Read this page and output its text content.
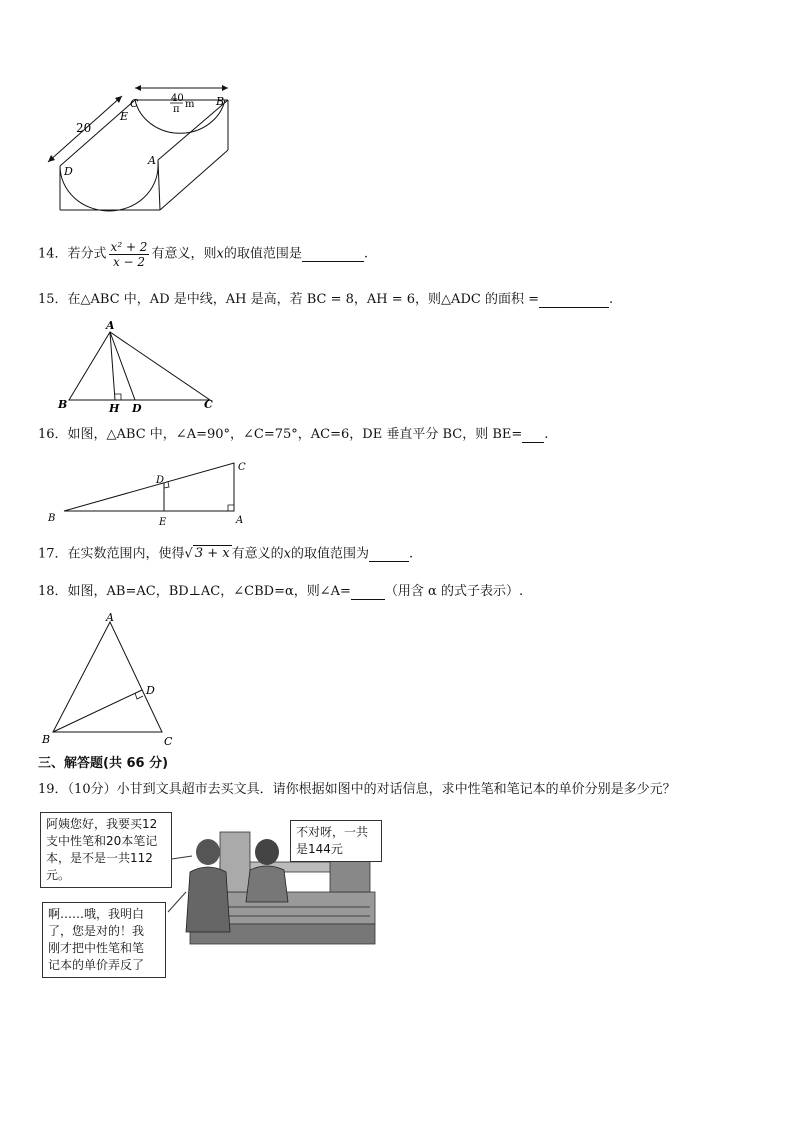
20
40
π m
C	B
E
D
A
14．若分式 $\frac{\text{x² + 2}}{x - 2}$ 有意义，则x的取值范围是	.
15．在△ABC 中，AD 是中线，AH 是高，若 BC = 8，AH = 6，则△ADC 的面积 =	.
A
B	H D	C
16．如图，△ABC 中，∠A=90°，∠C=75°，AC=6，DE 垂直平分 BC，则 BE= .
B	E	A
D
C
17．在实数范围内，使得√ 3 + x 有意义的x的取值范围为	.
18．如图，AB=AC，BD⊥AC，∠CBD=α，则∠A=	（用含 α 的式子表示）.
A
B	C
D
三、解答题(共 66 分)
19．（10分）小甘到文具超市去买文具．请你根据如图中的对话信息，求中性笔和笔记本的单价分别是多少元？
阿姨您好，我要买12
支中性笔和20本笔记
本，是不是一共112
元。
不对呀，一共
是144元
啊……哦，我明白
了，您是对的！我
刚才把中性笔和笔
记本的单价弄反了
